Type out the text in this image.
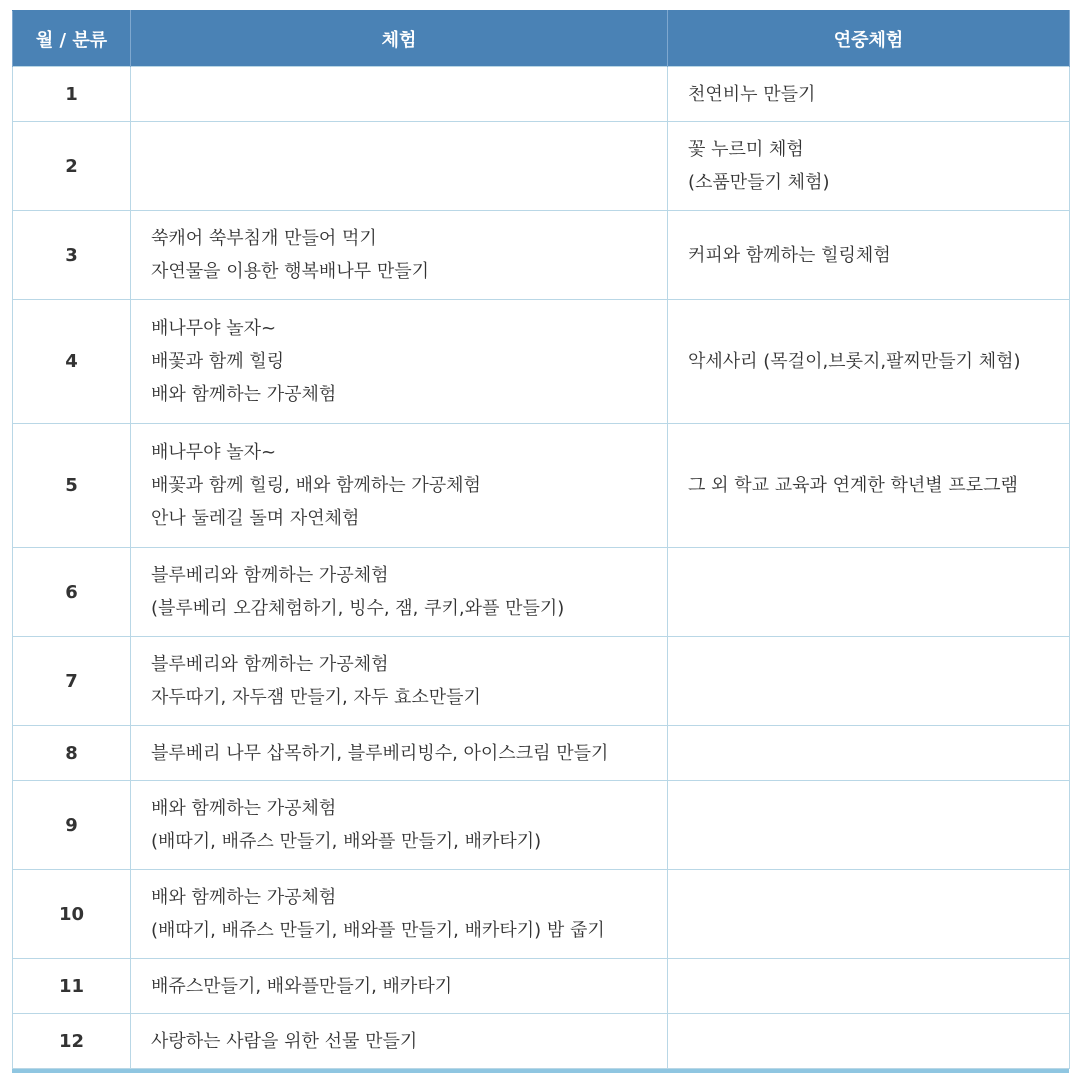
월 / 분류	체험	연중체험
1		천연비누 만들기

2		꽃 누르미 체험
(소품만들기 체험)

3	쑥캐어 쑥부침개 만들어 먹기
자연물을 이용한 행복배나무 만들기	커피와 함께하는 힐링체험

4	배나무야 놀자~
배꽃과 함께 힐링
배와 함께하는 가공체험	악세사리 (목걸이,브롯지,팔찌만들기 체험)

5	배나무야 놀자~
배꽃과 함께 힐링, 배와 함께하는 가공체험
안나 둘레길 돌며 자연체험	그 외 학교 교육과 연계한 학년별 프로그램

6	블루베리와 함께하는 가공체험
(블루베리 오감체험하기, 빙수, 잼, 쿠키,와플 만들기)	

7	블루베리와 함께하는 가공체험
자두따기, 자두잼 만들기, 자두 효소만들기	

8	블루베리 나무 삽목하기, 블루베리빙수, 아이스크림 만들기	

9	배와 함께하는 가공체험
(배따기, 배쥬스 만들기, 배와플 만들기, 배카타기)	

10	배와 함께하는 가공체험
(배따기, 배쥬스 만들기, 배와플 만들기, 배카타기) 밤 줍기	

11	배쥬스만들기, 배와플만들기, 배카타기	

12	사랑하는 사람을 위한 선물 만들기	
